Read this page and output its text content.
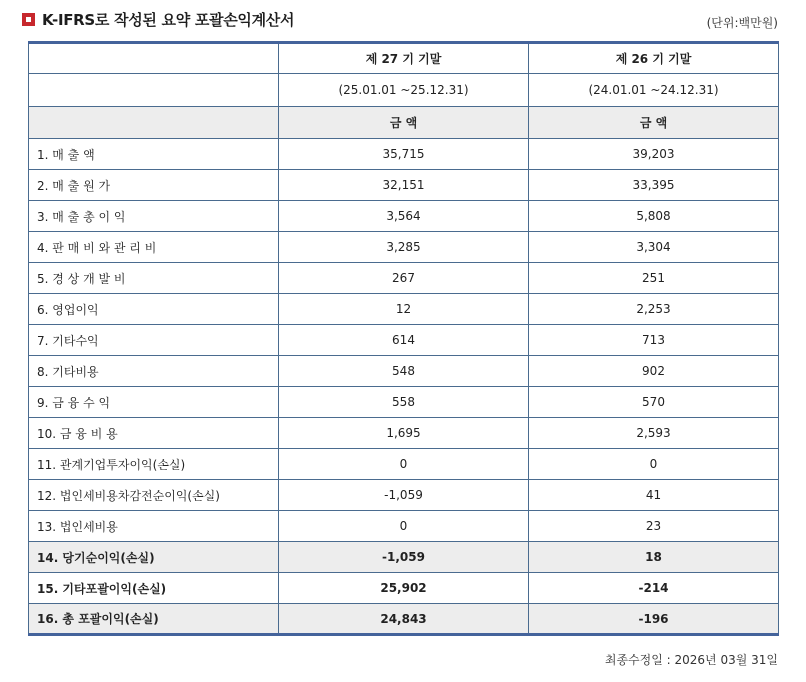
K-IFRS로 작성된 요약 포괄손익계산서	(단위:백만원)
	제 27 기 기말	제 26 기 기말
	(25.01.01 ~25.12.31)	(24.01.01 ~24.12.31)
	금 액	금 액
1. 매 출 액	35,715	39,203
2. 매 출 원 가	32,151	33,395
3. 매 출 총 이 익	3,564	5,808
4. 판 매 비 와 관 리 비	3,285	3,304
5. 경 상 개 발 비	267	251
6. 영업이익	12	2,253
7. 기타수익	614	713
8. 기타비용	548	902
9. 금 융 수 익	558	570
10. 금 융 비 용	1,695	2,593
11. 관계기업투자이익(손실)	0	0
12. 법인세비용차감전순이익(손실)	-1,059	41
13. 법인세비용	0	23
14. 당기순이익(손실)	-1,059	18
15. 기타포괄이익(손실)	25,902	-214
16. 총 포괄이익(손실)	24,843	-196
최종수정일 : 2026년 03월 31일
